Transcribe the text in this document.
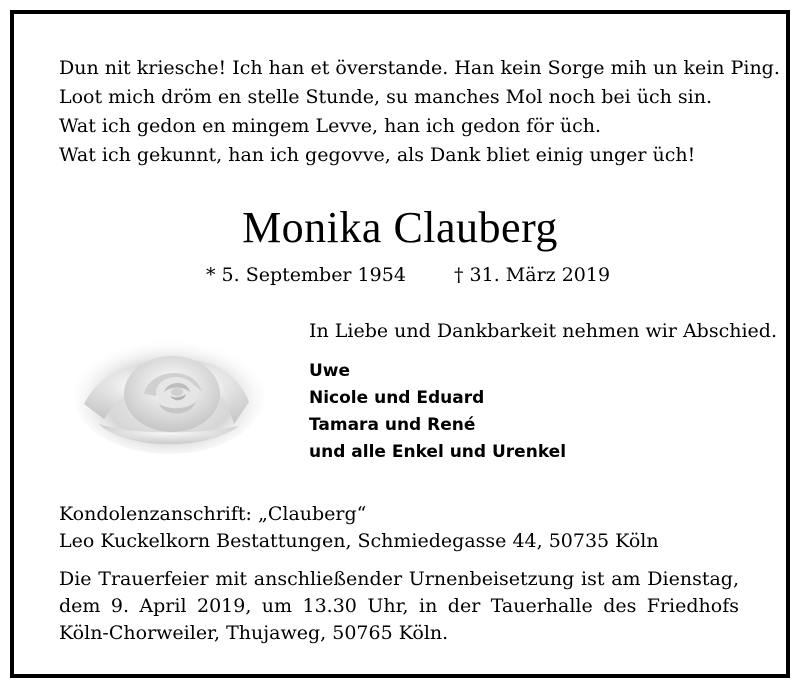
Dun nit kriesche! Ich han et överstande. Han kein Sorge mih un kein Ping.
Loot mich dröm en stelle Stunde, su manches Mol noch bei üch sin.
Wat ich gedon en mingem Levve, han ich gedon för üch.
Wat ich gekunnt, han ich gegovve, als Dank bliet einig unger üch!
Monika Clauberg
* 5. September 1954	† 31. März 2019
In Liebe und Dankbarkeit nehmen wir Abschied.
Uwe
Nicole und Eduard
Tamara und René
und alle Enkel und Urenkel
Kondolenzanschrift: „Clauberg“
Leo Kuckelkorn Bestattungen, Schmiedegasse 44, 50735 Köln
Die Trauerfeier mit anschließender Urnenbeisetzung ist am Dienstag, dem 9. April 2019, um 13.30 Uhr, in der Tauerhalle des Friedhofs Köln-Chorweiler, Thujaweg, 50765 Köln.
